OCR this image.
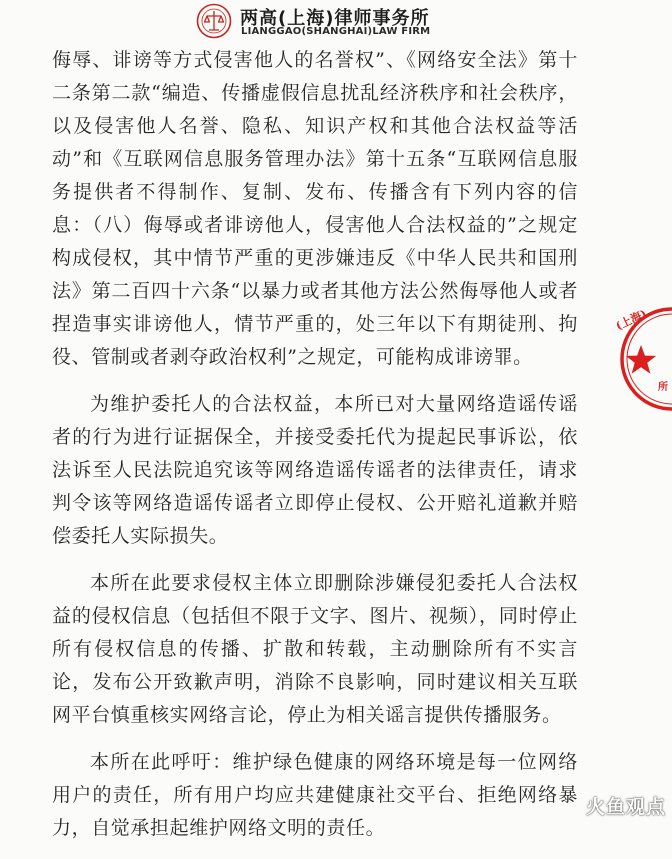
两高(上海)律师事务所
LIANGGAO(SHANGHAI)LAW FIRM

侮辱、诽谤等方式侵害他人的名誉权”、《网络安全法》第十二条第二款“编造、传播虚假信息扰乱经济秩序和社会秩序，以及侵害他人名誉、隐私、知识产权和其他合法权益等活动”和《互联网信息服务管理办法》第十五条“互联网信息服务提供者不得制作、复制、发布、传播含有下列内容的信息：（八）侮辱或者诽谤他人，侵害他人合法权益的”之规定构成侵权，其中情节严重的更涉嫌违反《中华人民共和国刑法》第二百四十六条“以暴力或者其他方法公然侮辱他人或者捏造事实诽谤他人，情节严重的，处三年以下有期徒刑、拘役、管制或者剥夺政治权利”之规定，可能构成诽谤罪。

为维护委托人的合法权益，本所已对大量网络造谣传谣者的行为进行证据保全，并接受委托代为提起民事诉讼，依法诉至人民法院追究该等网络造谣传谣者的法律责任，请求判令该等网络造谣传谣者立即停止侵权、公开赔礼道歉并赔偿委托人实际损失。

本所在此要求侵权主体立即删除涉嫌侵犯委托人合法权益的侵权信息（包括但不限于文字、图片、视频），同时停止所有侵权信息的传播、扩散和转载，主动删除所有不实言论，发布公开致歉声明，消除不良影响，同时建议相关互联网平台慎重核实网络言论，停止为相关谣言提供传播服务。

本所在此呼吁：维护绿色健康的网络环境是每一位网络用户的责任，所有用户均应共建健康社交平台、拒绝网络暴力，自觉承担起维护网络文明的责任。

(上海)
所
火鱼观点
